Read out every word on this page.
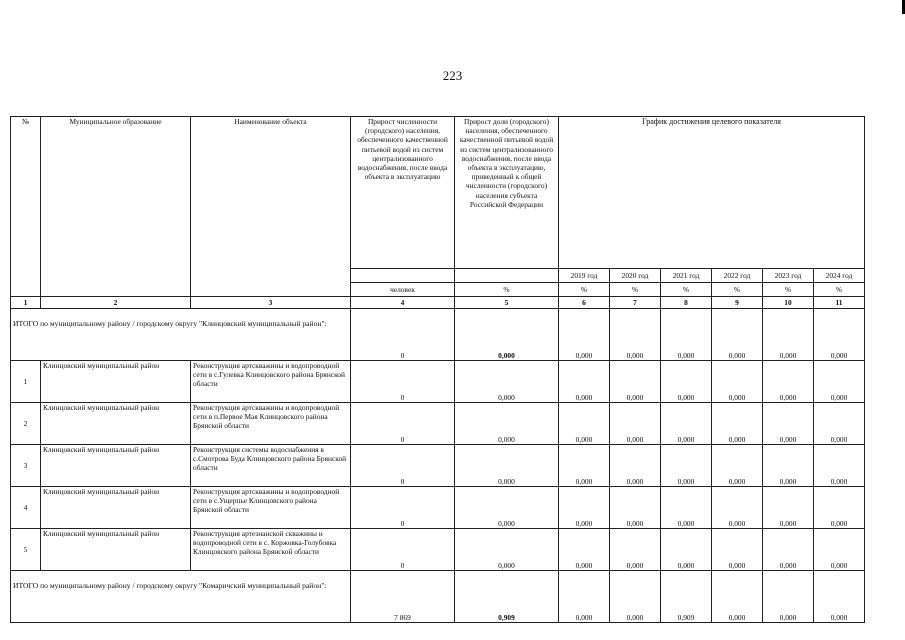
223
№	Муниципальное образование	Наименование объекта	Прирост численности (городского) населения, обеспеченного качественной питьевой водой из систем централизованного водоснабжения, после ввода объекта в эксплуатацию	Прирост доли (городского) населения, обеспеченного качественной питьевой водой из систем централизованного водоснабжения, после ввода объекта в эксплуатацию, приведенный к общей численности (городского) населения субъекта Российской Федерации	График достижения целевого показателя					
					2019 год	2020 год	2021 год	2022 год	2023 год	2024 год
			человек	%	%	%	%	%	%	%
1	2	3	4	5	6	7	8	9	10	11
ИТОГО по муниципальному району / городскому округу "Клинцовский муниципальный район":			0	0,000	0,000	0,000	0,000	0,000	0,000	0,000
1	Клинцовский муниципальный район	Реконструкция артскважины и водопроводной сети в с.Гулевка Клинцовского района Брянской области	0	0,000	0,000	0,000	0,000	0,000	0,000	0,000
2	Клинцовский муниципальный район	Реконструкция артскважины и водопроводной сети в п.Первое Мая Клинцовского района Брянской области	0	0,000	0,000	0,000	0,000	0,000	0,000	0,000
3	Клинцовский муниципальный район	Реконструкция системы водоснабжения в с.Смотрова Буда Клинцовского района Брянской области	0	0,000	0,000	0,000	0,000	0,000	0,000	0,000
4	Клинцовский муниципальный район	Реконструкция артскважины и водопроводной сети в с.Ущерпье Клинцовского района Брянской области	0	0,000	0,000	0,000	0,000	0,000	0,000	0,000
5	Клинцовский муниципальный район	Реконструкция артезианской скважины и водопроводной сети в с. Коржовка-Голубовка Клинцовского района Брянской области	0	0,000	0,000	0,000	0,000	0,000	0,000	0,000
ИТОГО по муниципальному району / городскому округу "Комаричский муниципальный район":			7 869	0,909	0,000	0,000	0,909	0,000	0,000	0,000
